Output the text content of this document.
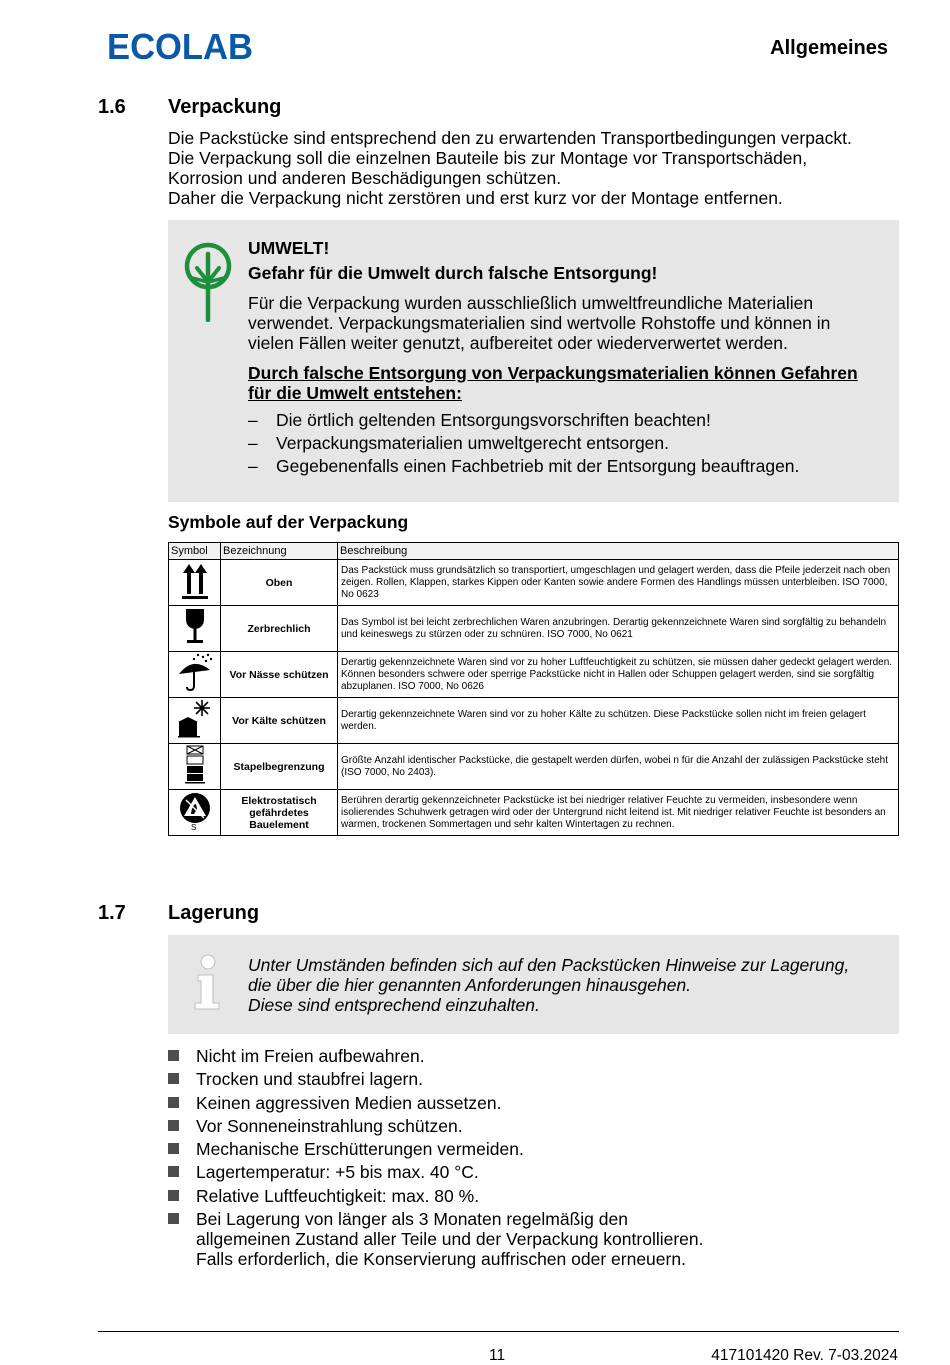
ECOLAB	Allgemeines
1.6 Verpackung
Die Packstücke sind entsprechend den zu erwartenden Transportbedingungen verpackt.
Die Verpackung soll die einzelnen Bauteile bis zur Montage vor Transportschäden,
Korrosion und anderen Beschädigungen schützen.
Daher die Verpackung nicht zerstören und erst kurz vor der Montage entfernen.
UMWELT!
Gefahr für die Umwelt durch falsche Entsorgung!
Für die Verpackung wurden ausschließlich umweltfreundliche Materialien
verwendet. Verpackungsmaterialien sind wertvolle Rohstoffe und können in
vielen Fällen weiter genutzt, aufbereitet oder wiederverwertet werden.
Durch falsche Entsorgung von Verpackungsmaterialien können Gefahren
für die Umwelt entstehen:
–	Die örtlich geltenden Entsorgungsvorschriften beachten!
–	Verpackungsmaterialien umweltgerecht entsorgen.
–	Gegebenenfalls einen Fachbetrieb mit der Entsorgung beauftragen.
Symbole auf der Verpackung
Symbol	Bezeichnung	Beschreibung
	Oben	Das Packstück muss grundsätzlich so transportiert, umgeschlagen und gelagert werden, dass die Pfeile jederzeit nach oben zeigen. Rollen, Klappen, starkes Kippen oder Kanten sowie andere Formen des Handlings müssen unterbleiben. ISO 7000, No 0623
	Zerbrechlich	Das Symbol ist bei leicht zerbrechlichen Waren anzubringen. Derartig gekennzeichnete Waren sind sorgfältig zu behandeln und keineswegs zu stürzen oder zu schnüren. ISO 7000, No 0621
	Vor Nässe schützen	Derartig gekennzeichnete Waren sind vor zu hoher Luftfeuchtigkeit zu schützen, sie müssen daher gedeckt gelagert werden. Können besonders schwere oder sperrige Packstücke nicht in Hallen oder Schuppen gelagert werden, sind sie sorgfältig abzuplanen. ISO 7000, No 0626
	Vor Kälte schützen	Derartig gekennzeichnete Waren sind vor zu hoher Kälte zu schützen. Diese Packstücke sollen nicht im freien gelagert werden.
	Stapelbegrenzung	Größte Anzahl identischer Packstücke, die gestapelt werden dürfen, wobei n für die Anzahl der zulässigen Packstücke steht (ISO 7000, No 2403).

S	Elektrostatisch gefährdetes Bauelement	Berühren derartig gekennzeichneter Packstücke ist bei niedriger relativer Feuchte zu vermeiden, insbesondere wenn isolierendes Schuhwerk getragen wird oder der Untergrund nicht leitend ist. Mit niedriger relativer Feuchte ist besonders an warmen, trockenen Sommertagen und sehr kalten Wintertagen zu rechnen.
1.7 Lagerung
Unter Umständen befinden sich auf den Packstücken Hinweise zur Lagerung,
die über die hier genannten Anforderungen hinausgehen.
Diese sind entsprechend einzuhalten.
Nicht im Freien aufbewahren.
Trocken und staubfrei lagern.
Keinen aggressiven Medien aussetzen.
Vor Sonneneinstrahlung schützen.
Mechanische Erschütterungen vermeiden.
Lagertemperatur: +5 bis max. 40 °C.
Relative Luftfeuchtigkeit: max. 80 %.
Bei Lagerung von länger als 3 Monaten regelmäßig den
allgemeinen Zustand aller Teile und der Verpackung kontrollieren.
Falls erforderlich, die Konservierung auffrischen oder erneuern.
11	417101420 Rev. 7-03.2024
